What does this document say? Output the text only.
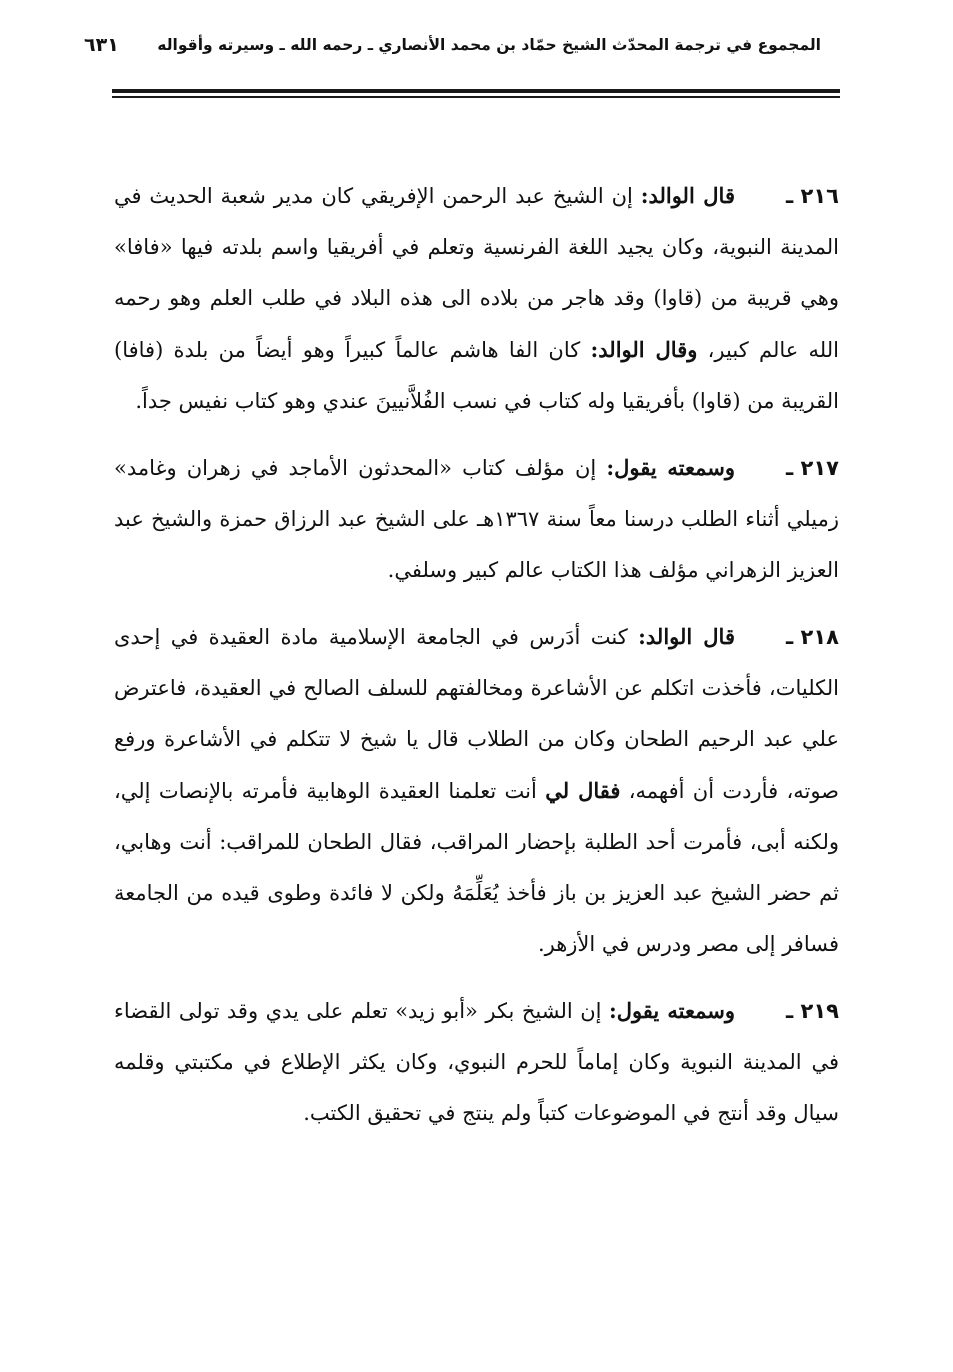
المجموع في ترجمة المحدّث الشيخ حمّاد بن محمد الأنصاري ـ رحمه الله ـ وسيرته وأقواله
٦٣١

٢١٦ ـقال الوالد: إن الشيخ عبد الرحمن الإفريقي كان مدير شعبة الحديث في المدينة النبوية، وكان يجيد اللغة الفرنسية وتعلم في أفريقيا واسم بلدته فيها «فافا» وهي قريبة من (قاوا) وقد هاجر من بلاده الى هذه البلاد في طلب العلم وهو رحمه الله عالم كبير، وقال الوالد: كان الفا هاشم عالماً كبيراً وهو أيضاً من بلدة (فافا) القريبة من (قاوا) بأفريقيا وله كتاب في نسب الفُلاَّنيينَ عندي وهو كتاب نفيس جداً.

٢١٧ ـوسمعته يقول: إن مؤلف كتاب «المحدثون الأماجد في زهران وغامد» زميلي أثناء الطلب درسنا معاً سنة ١٣٦٧هـ على الشيخ عبد الرزاق حمزة والشيخ عبد العزيز الزهراني مؤلف هذا الكتاب عالم كبير وسلفي.

٢١٨ ـقال الوالد: كنت أدَرس في الجامعة الإسلامية مادة العقيدة في إحدى الكليات، فأخذت اتكلم عن الأشاعرة ومخالفتهم للسلف الصالح في العقيدة، فاعترض علي عبد الرحيم الطحان وكان من الطلاب قال يا شيخ لا تتكلم في الأشاعرة ورفع صوته، فأردت أن أفهمه، فقال لي أنت تعلمنا العقيدة الوهابية فأمرته بالإنصات إلي، ولكنه أبى، فأمرت أحد الطلبة بإحضار المراقب، فقال الطحان للمراقب: أنت وهابي، ثم حضر الشيخ عبد العزيز بن باز فأخذ يُعَلِّمَهُ ولكن لا فائدة وطوى قيده من الجامعة فسافر إلى مصر ودرس في الأزهر.

٢١٩ ـوسمعته يقول: إن الشيخ بكر «أبو زيد» تعلم على يدي وقد تولى القضاء في المدينة النبوية وكان إماماً للحرم النبوي، وكان يكثر الإطلاع في مكتبتي وقلمه سيال وقد أنتج في الموضوعات كتباً ولم ينتج في تحقيق الكتب.
